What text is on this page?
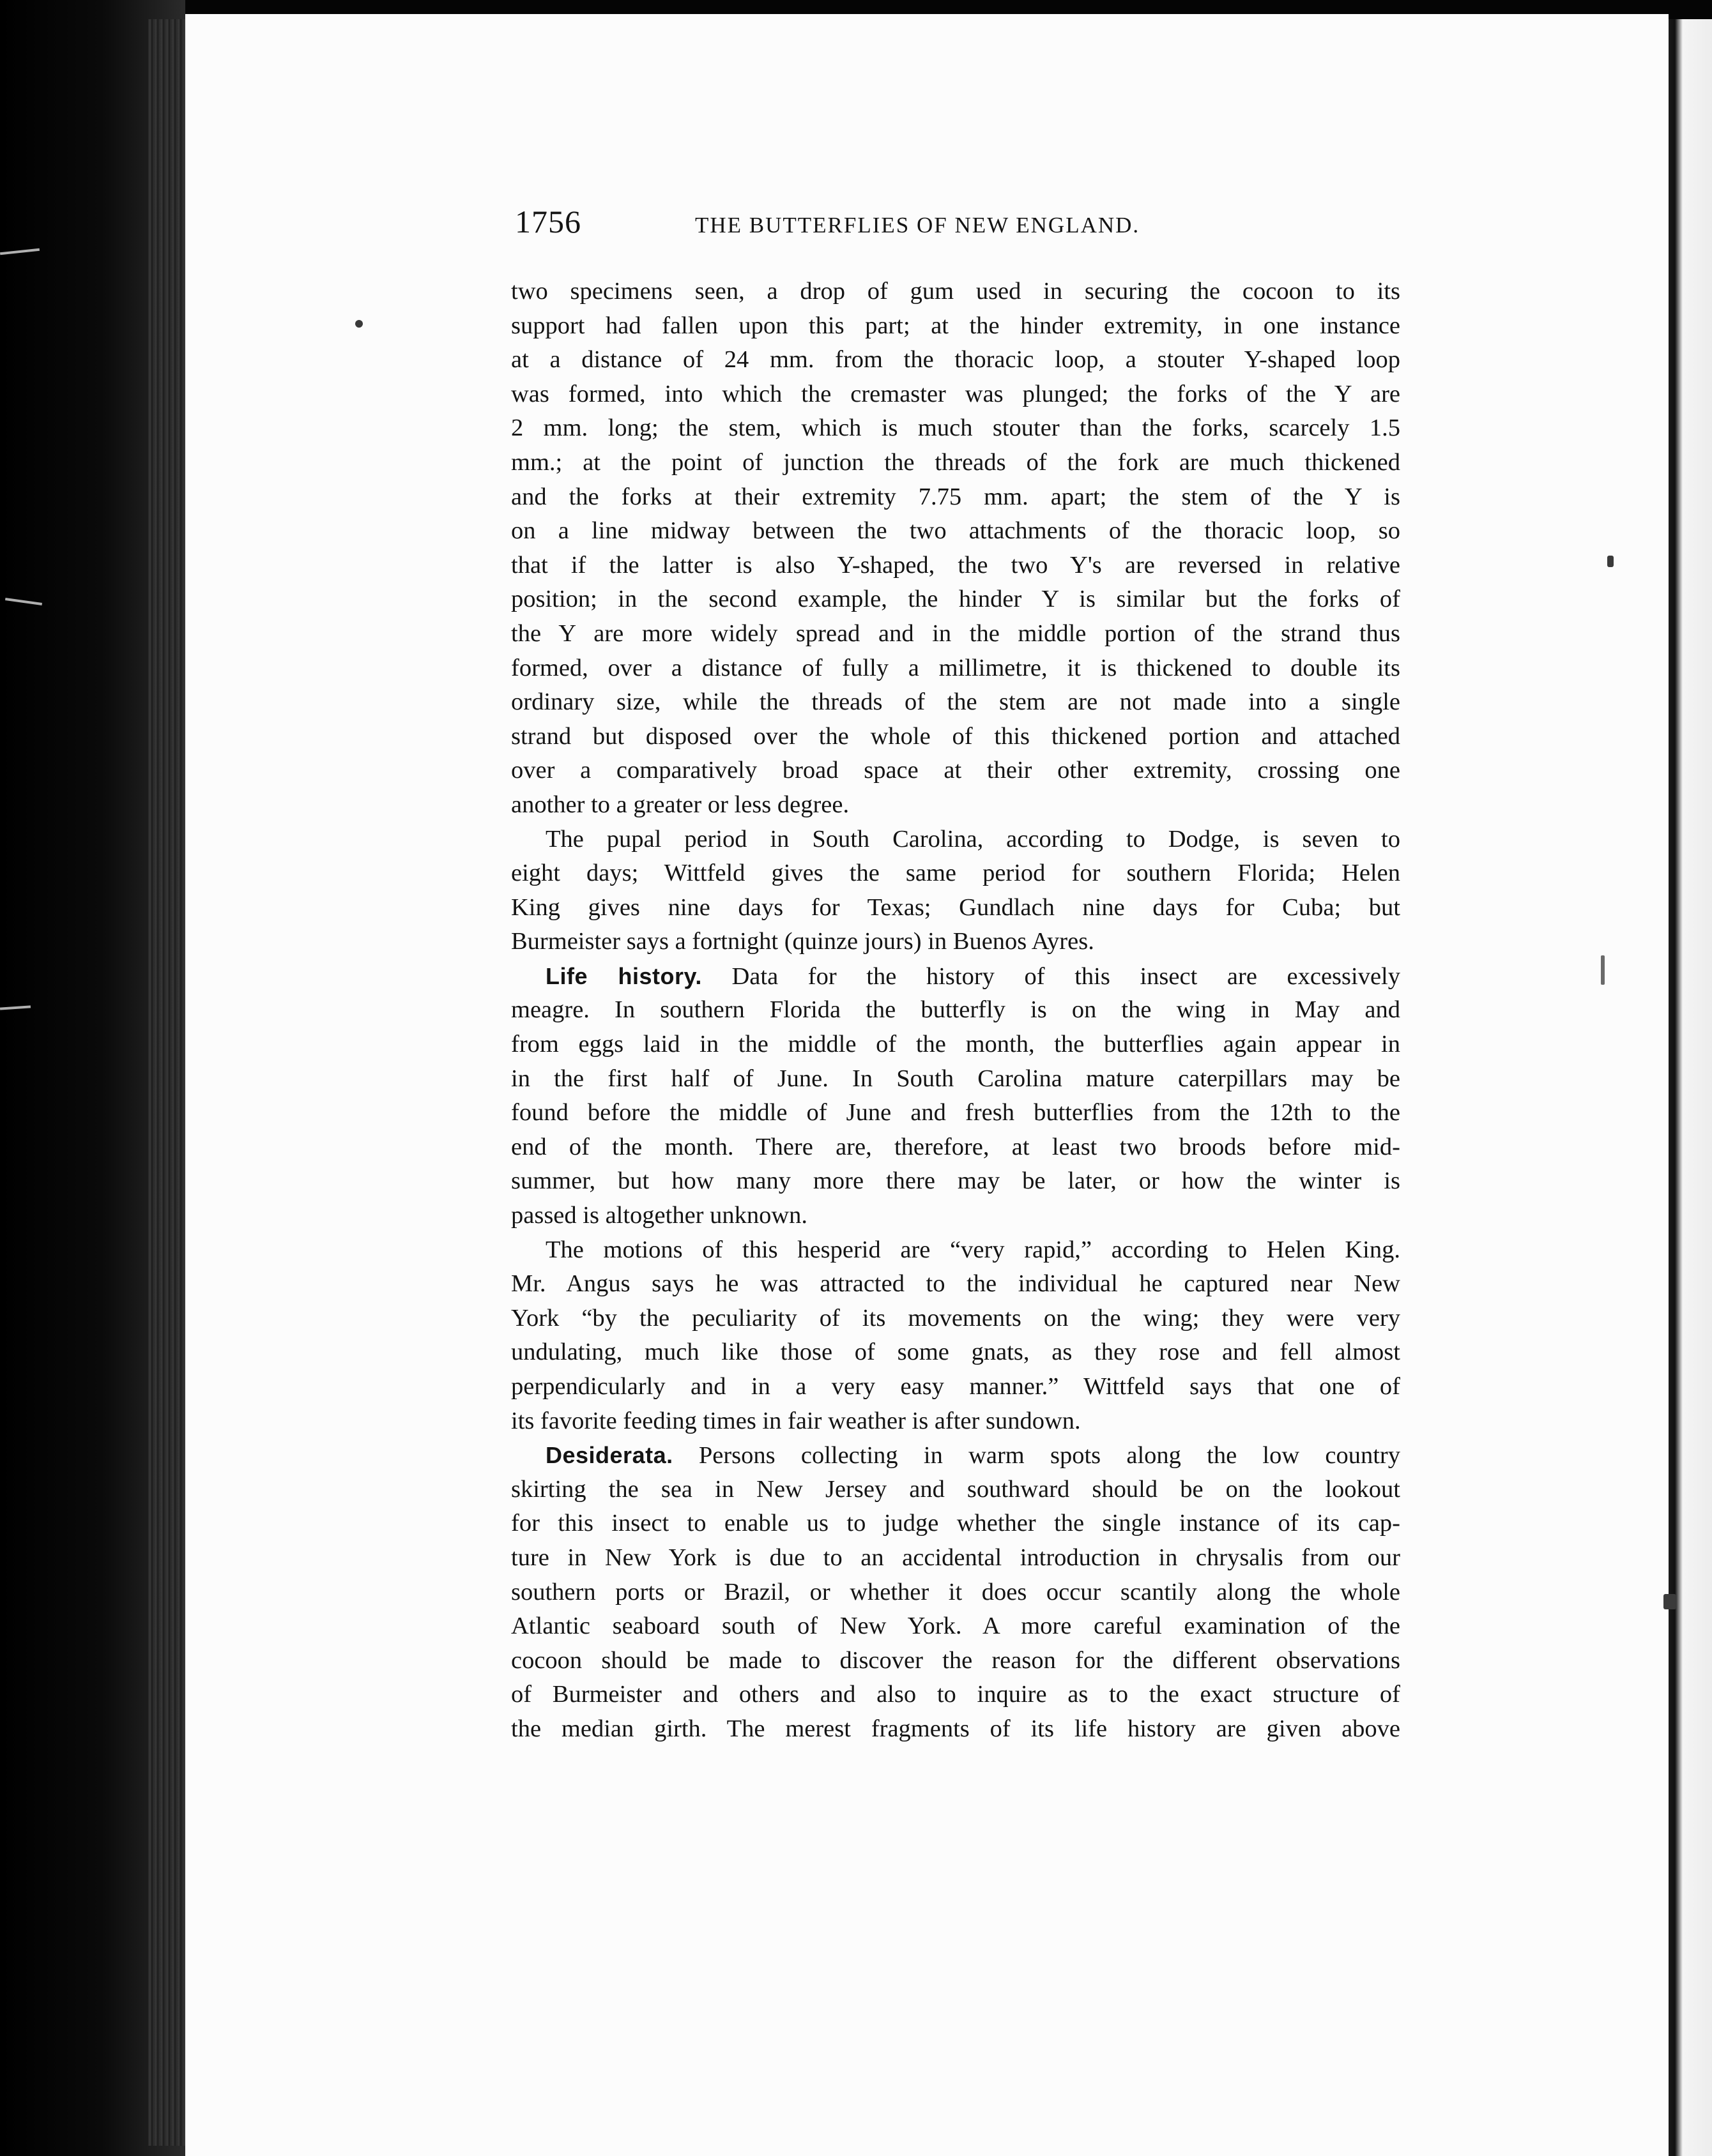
1756	THE BUTTERFLIES OF NEW ENGLAND.
two specimens seen, a drop of gum used in securing the cocoon to its
support had fallen upon this part; at the hinder extremity, in one instance
at a distance of 24 mm. from the thoracic loop, a stouter Y-shaped loop
was formed, into which the cremaster was plunged; the forks of the Y are
2 mm. long; the stem, which is much stouter than the forks, scarcely 1.5
mm.; at the point of junction the threads of the fork are much thickened
and the forks at their extremity 7.75 mm. apart; the stem of the Y is
on a line midway between the two attachments of the thoracic loop, so
that if the latter is also Y-shaped, the two Y's are reversed in relative
position; in the second example, the hinder Y is similar but the forks of
the Y are more widely spread and in the middle portion of the strand thus
formed, over a distance of fully a millimetre, it is thickened to double its
ordinary size, while the threads of the stem are not made into a single
strand but disposed over the whole of this thickened portion and attached
over a comparatively broad space at their other extremity, crossing one
another to a greater or less degree.
The pupal period in South Carolina, according to Dodge, is seven to
eight days; Wittfeld gives the same period for southern Florida; Helen
King gives nine days for Texas; Gundlach nine days for Cuba; but
Burmeister says a fortnight (quinze jours) in Buenos Ayres.
Life history. Data for the history of this insect are excessively
meagre. In southern Florida the butterfly is on the wing in May and
from eggs laid in the middle of the month, the butterflies again appear in
in the first half of June. In South Carolina mature caterpillars may be
found before the middle of June and fresh butterflies from the 12th to the
end of the month. There are, therefore, at least two broods before mid-
summer, but how many more there may be later, or how the winter is
passed is altogether unknown.
The motions of this hesperid are “very rapid,” according to Helen King.
Mr. Angus says he was attracted to the individual he captured near New
York “by the peculiarity of its movements on the wing; they were very
undulating, much like those of some gnats, as they rose and fell almost
perpendicularly and in a very easy manner.” Wittfeld says that one of
its favorite feeding times in fair weather is after sundown.
Desiderata. Persons collecting in warm spots along the low country
skirting the sea in New Jersey and southward should be on the lookout
for this insect to enable us to judge whether the single instance of its cap-
ture in New York is due to an accidental introduction in chrysalis from our
southern ports or Brazil, or whether it does occur scantily along the whole
Atlantic seaboard south of New York. A more careful examination of the
cocoon should be made to discover the reason for the different observations
of Burmeister and others and also to inquire as to the exact structure of
the median girth. The merest fragments of its life history are given above
